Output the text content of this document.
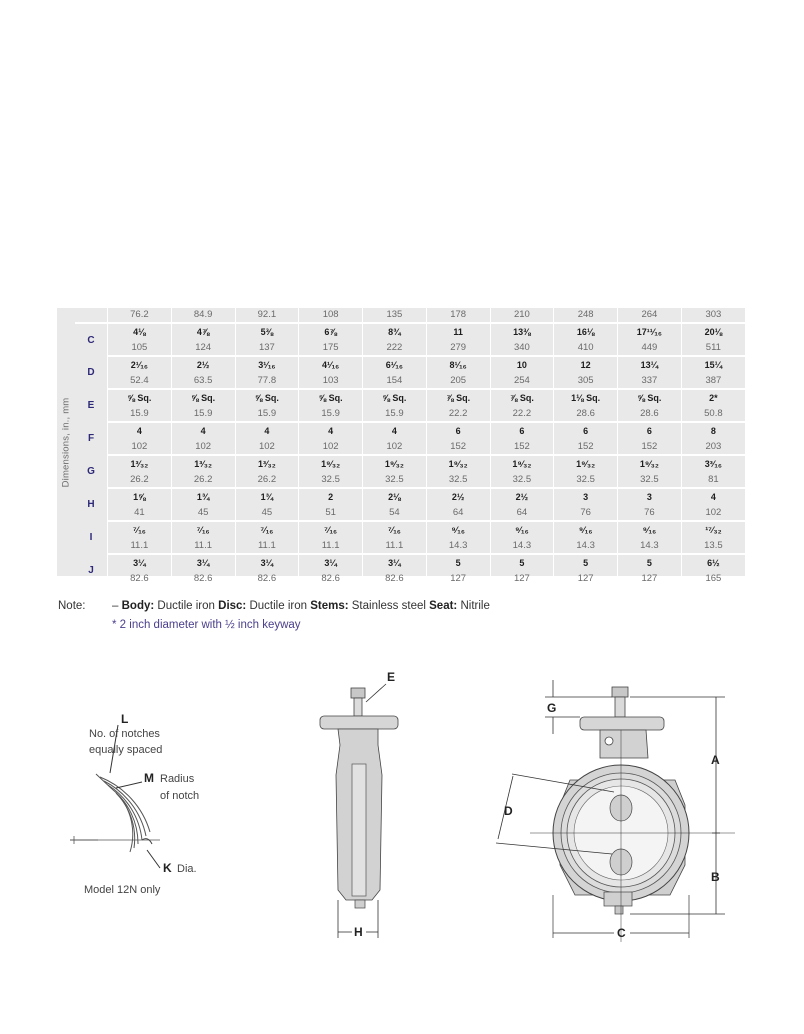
Dimensions, in., mm
	76.2	84.9	92.1	108	135	178	210	248	264	303
C	4⅛	4⅞	5⅜	6⅞	8¾	11	13⅜	16⅛	17¹¹⁄₁₆	20⅛
	105	124	137	175	222	279	340	410	449	511
D	2¹⁄₁₆	2½	3¹⁄₁₆	4¹⁄₁₆	6¹⁄₁₆	8¹⁄₁₆	10	12	13¼	15¼
	52.4	63.5	77.8	103	154	205	254	305	337	387
E	⅝ Sq.	⅝ Sq.	⅝ Sq.	⅝ Sq.	⅝ Sq.	⅞ Sq.	⅞ Sq.	1⅛ Sq.	⅝ Sq.	2*
	15.9	15.9	15.9	15.9	15.9	22.2	22.2	28.6	28.6	50.8
F	4	4	4	4	4	6	6	6	6	8
	102	102	102	102	102	152	152	152	152	203
G	1³⁄₃₂	1³⁄₃₂	1³⁄₃₂	1⁹⁄₃₂	1⁹⁄₃₂	1⁹⁄₃₂	1⁹⁄₃₂	1⁹⁄₃₂	1⁹⁄₃₂	3³⁄₁₆
	26.2	26.2	26.2	32.5	32.5	32.5	32.5	32.5	32.5	81
H	1⅝	1¾	1¾	2	2⅛	2½	2½	3	3	4
	41	45	45	51	54	64	64	76	76	102
I	⁷⁄₁₆	⁷⁄₁₆	⁷⁄₁₆	⁷⁄₁₆	⁷⁄₁₆	⁹⁄₁₆	⁹⁄₁₆	⁹⁄₁₆	⁹⁄₁₆	¹⁷⁄₃₂
	11.1	11.1	11.1	11.1	11.1	14.3	14.3	14.3	14.3	13.5
J	3¼	3¼	3¼	3¼	3¼	5	5	5	5	6½
	82.6	82.6	82.6	82.6	82.6	127	127	127	127	165
Note:	– Body: Ductile iron Disc: Ductile iron Stems: Stainless steel Seat: Nitrile
* 2 inch diameter with ½ inch keyway
L
No. of notches
equally spaced
M Radius
of notch
K Dia.
Model 12N only
E
H
G
A
B
C
D
